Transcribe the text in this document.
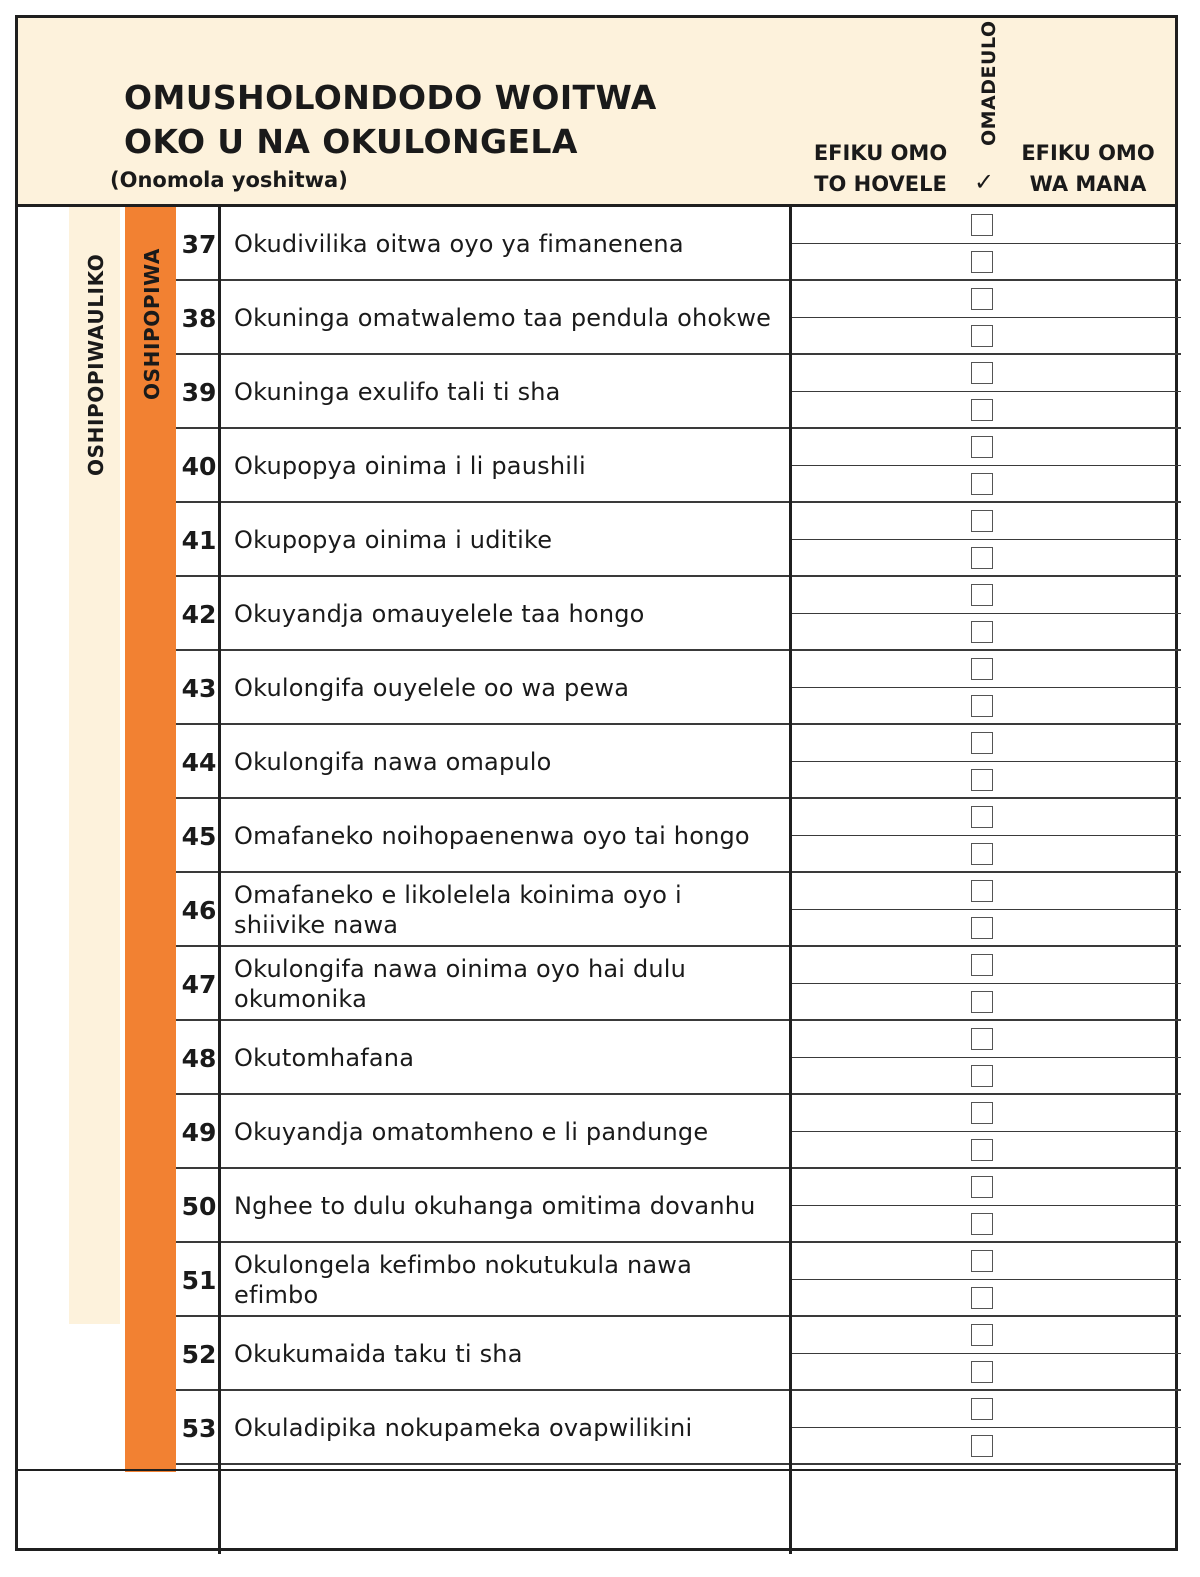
OMUSHOLONDODO WOITWA
OKO U NA OKULONGELA
(Onomola yoshitwa)
EFIKU OMO
TO HOVELE
OMADEULO
✓
EFIKU OMO
WA MANA
OSHIPOPIWAULIKO OSHIPOPIWA
37 Okudivilika oitwa oyo ya fimanenena
38 Okuninga omatwalemo taa pendula ohokwe
39 Okuninga exulifo tali ti sha
40 Okupopya oinima i li paushili
41 Okupopya oinima i uditike
42 Okuyandja omauyelele taa hongo
43 Okulongifa ouyelele oo wa pewa
44 Okulongifa nawa omapulo
45 Omafaneko noihopaenenwa oyo tai hongo
46
Omafaneko e likolelela koinima oyo i shiivike nawa
47
Okulongifa nawa oinima oyo hai dulu okumonika
48 Okutomhafana
49 Okuyandja omatomheno e li pandunge
50 Nghee to dulu okuhanga omitima dovanhu
51
Okulongela kefimbo nokutukula nawa efimbo
52 Okukumaida taku ti sha
53 Okuladipika nokupameka ovapwilikini
